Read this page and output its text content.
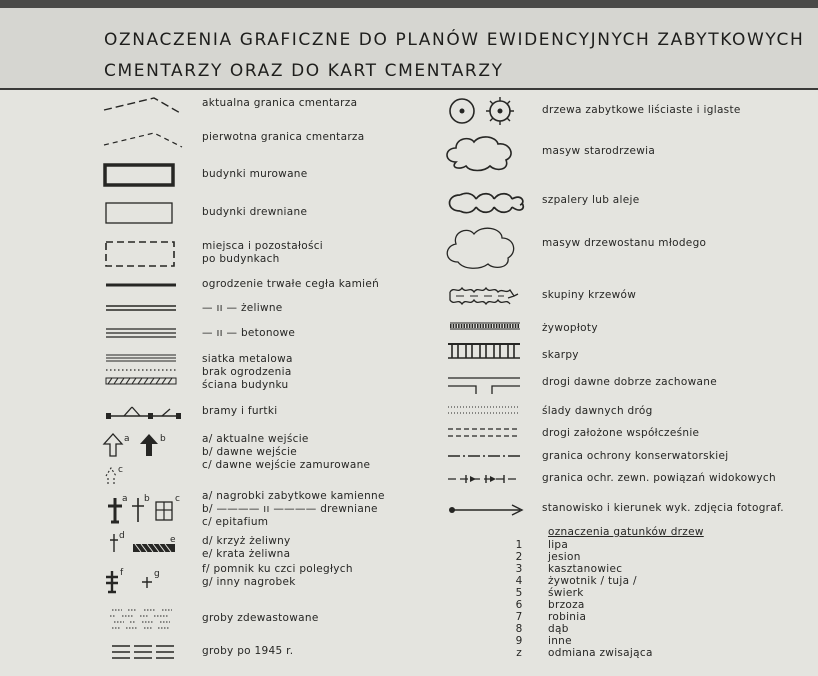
OZNACZENIA GRAFICZNE DO PLANÓW EWIDENCYJNYCH ZABYTKOWYCH
CMENTARZY ORAZ DO KART CMENTARZY
a	b
c
a b	c
d	e
f	g
aktualna granica cmentarza
pierwotna granica cmentarza
budynki murowane
budynki drewniane
miejsca i pozostałości
po budynkach
ogrodzenie trwałe cegła kamień
— ıı — żeliwne
— ıı — betonowe
siatka metalowa
brak ogrodzenia
ściana budynku
bramy i furtki
a/ aktualne wejście
b/ dawne wejście
c/ dawne wejście zamurowane
a/ nagrobki zabytkowe kamienne
b/ ———— ıı ———— drewniane
c/ epitafium
d/ krzyż żeliwny
e/ krata żeliwna
f/ pomnik ku czci poległych
g/ inny nagrobek
groby zdewastowane
groby po 1945 r.
drzewa zabytkowe liściaste i iglaste
masyw starodrzewia
szpalery lub aleje
masyw drzewostanu młodego
skupiny krzewów
żywopłoty
skarpy
drogi dawne dobrze zachowane
ślady dawnych dróg
drogi założone współcześnie
granica ochrony konserwatorskiej
granica ochr. zewn. powiązań widokowych
stanowisko i kierunek wyk. zdjęcia fotograf.
oznaczenia gatunków drzew
1	lipa
2	jesion
3	kasztanowiec
4	żywotnik / tuja /
5	świerk
6	brzoza
7	robinia
8	dąb
9	inne
z	odmiana zwisająca
